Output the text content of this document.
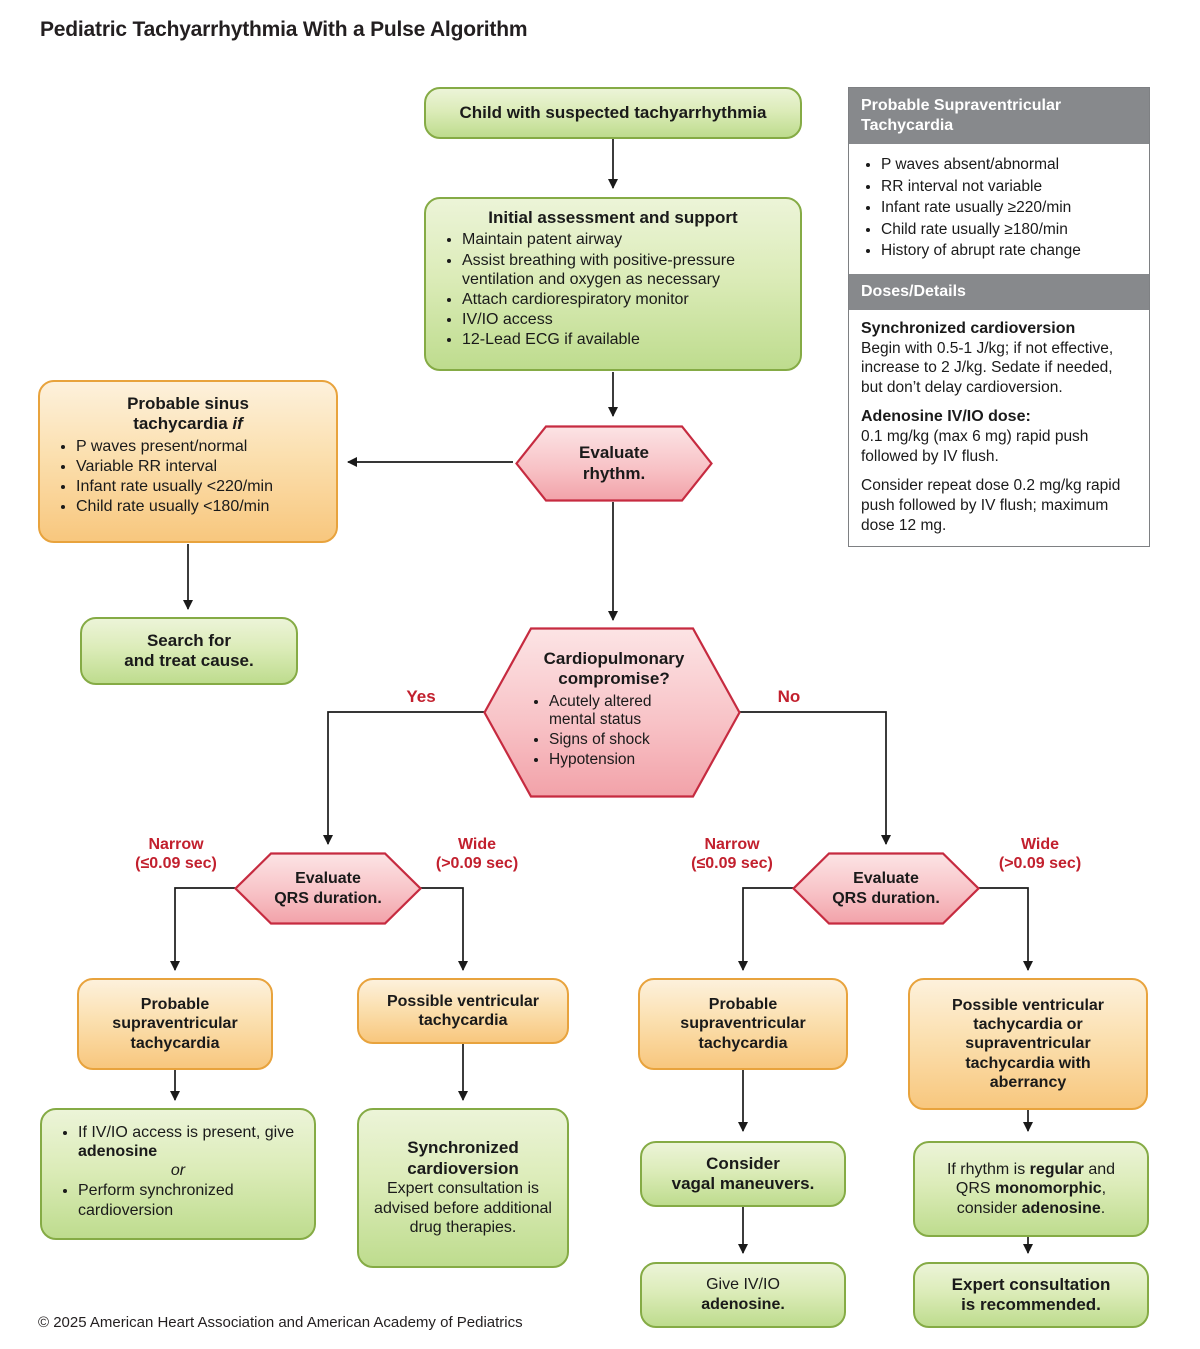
Pediatric Tachyarrhythmia With a Pulse Algorithm
Child with suspected tachyarrhythmia
Initial assessment and support
• Maintain patent airway
• Assist breathing with positive-pressure ventilation and oxygen as necessary
• Attach cardiorespiratory monitor
• IV/IO access
• 12-Lead ECG if available
Probable sinus
tachycardia if
• P waves present/normal
• Variable RR interval
• Infant rate usually <220/min
• Child rate usually <180/min
Evaluate
rhythm.
Search for
and treat cause.	Cardiopulmonary compromise?
• Acutely altered mental status
• Signs of shock
• Hypotension
Yes	No
Evaluate
QRS duration.
Evaluate
QRS duration.
Narrow
(≤0.09 sec)
Wide
(>0.09 sec)
Narrow
(≤0.09 sec)
Wide
(>0.09 sec)
Probable supraventricular tachycardia
Possible ventricular tachycardia
Probable supraventricular tachycardia
Possible ventricular tachycardia or supraventricular tachycardia with aberrancy
• If IV/IO access is present, give adenosine
or
• Perform synchronized cardioversion
Synchronized
cardioversion
Expert consultation is advised before additional drug therapies.
Consider
vagal maneuvers.
Give IV/IO
adenosine.
If rhythm is regular and QRS monomorphic, consider adenosine.
Expert consultation
is recommended.
Probable Supraventricular Tachycardia
• P waves absent/abnormal
• RR interval not variable
• Infant rate usually ≥220/min
• Child rate usually ≥180/min
• History of abrupt rate change
Doses/Details
Synchronized cardioversion
Begin with 0.5-1 J/kg; if not effective, increase to 2 J/kg. Sedate if needed, but don’t delay cardioversion.
Adenosine IV/IO dose:
0.1 mg/kg (max 6 mg) rapid push followed by IV flush.
Consider repeat dose 0.2 mg/kg rapid push followed by IV flush; maximum dose 12 mg.
© 2025 American Heart Association and American Academy of Pediatrics
